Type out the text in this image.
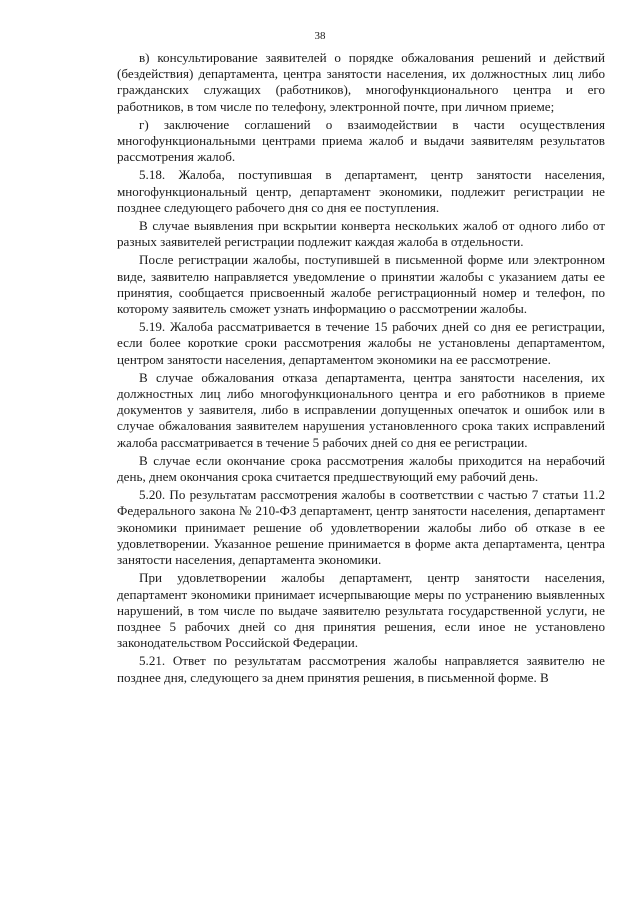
38

в) консультирование заявителей о порядке обжалования решений и действий (бездействия) департамента, центра занятости населения, их должностных лиц либо гражданских служащих (работников), многофункционального центра и его работников, в том числе по телефону, электронной почте, при личном приеме;

г) заключение соглашений о взаимодействии в части осуществления многофункциональными центрами приема жалоб и выдачи заявителям результатов рассмотрения жалоб.

5.18. Жалоба, поступившая в департамент, центр занятости населения, многофункциональный центр, департамент экономики, подлежит регистрации не позднее следующего рабочего дня со дня ее поступления.

В случае выявления при вскрытии конверта нескольких жалоб от одного либо от разных заявителей регистрации подлежит каждая жалоба в отдельности.

После регистрации жалобы, поступившей в письменной форме или электронном виде, заявителю направляется уведомление о принятии жалобы с указанием даты ее принятия, сообщается присвоенный жалобе регистрационный номер и телефон, по которому заявитель сможет узнать информацию о рассмотрении жалобы.

5.19. Жалоба рассматривается в течение 15 рабочих дней со дня ее регистрации, если более короткие сроки рассмотрения жалобы не установлены департаментом, центром занятости населения, департаментом экономики на ее рассмотрение.

В случае обжалования отказа департамента, центра занятости населения, их должностных лиц либо многофункционального центра и его работников в приеме документов у заявителя, либо в исправлении допущенных опечаток и ошибок или в случае обжалования заявителем нарушения установленного срока таких исправлений жалоба рассматривается в течение 5 рабочих дней со дня ее регистрации.

В случае если окончание срока рассмотрения жалобы приходится на нерабочий день, днем окончания срока считается предшествующий ему рабочий день.

5.20. По результатам рассмотрения жалобы в соответствии с частью 7 статьи 11.2 Федерального закона № 210-ФЗ департамент, центр занятости населения, департамент экономики принимает решение об удовлетворении жалобы либо об отказе в ее удовлетворении. Указанное решение принимается в форме акта департамента, центра занятости населения, департамента экономики.

При удовлетворении жалобы департамент, центр занятости населения, департамент экономики принимает исчерпывающие меры по устранению выявленных нарушений, в том числе по выдаче заявителю результата государственной услуги, не позднее 5 рабочих дней со дня принятия решения, если иное не установлено законодательством Российской Федерации.

5.21. Ответ по результатам рассмотрения жалобы направляется заявителю не позднее дня, следующего за днем принятия решения, в письменной форме. В
